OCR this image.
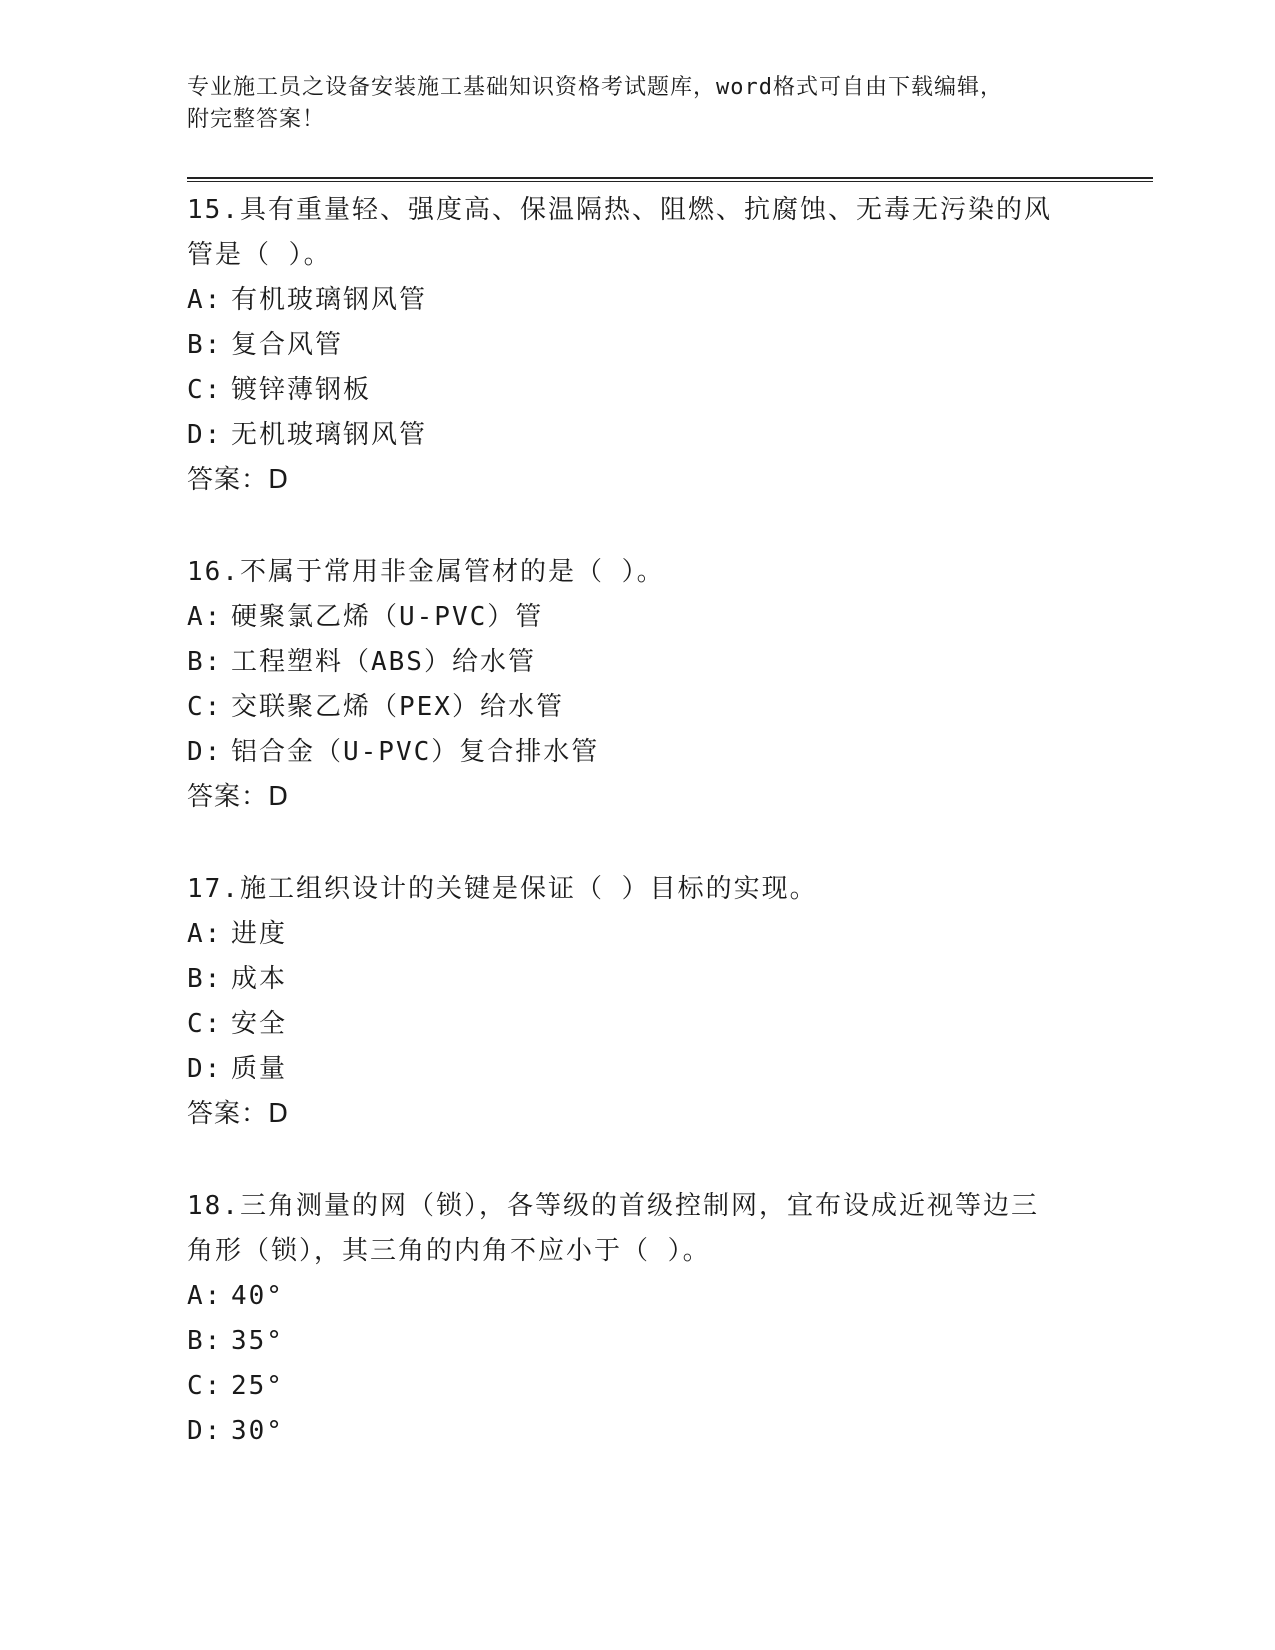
专业施工员之设备安装施工基础知识资格考试题库，word格式可自由下载编辑，
附完整答案！
15.具有重量轻、强度高、保温隔热、阻燃、抗腐蚀、无毒无污染的风
管是（ ）。
A: 有机玻璃钢风管
B: 复合风管
C: 镀锌薄钢板
D: 无机玻璃钢风管
答案：D
16.不属于常用非金属管材的是（ ）。
A: 硬聚氯乙烯（U-PVC）管
B: 工程塑料（ABS）给水管
C: 交联聚乙烯（PEX）给水管
D: 铝合金（U-PVC）复合排水管
答案：D
17.施工组织设计的关键是保证（ ）目标的实现。
A: 进度
B: 成本
C: 安全
D: 质量
答案：D
18.三角测量的网（锁），各等级的首级控制网，宜布设成近视等边三
角形（锁），其三角的内角不应小于（ ）。
A: 40°
B: 35°
C: 25°
D: 30°
